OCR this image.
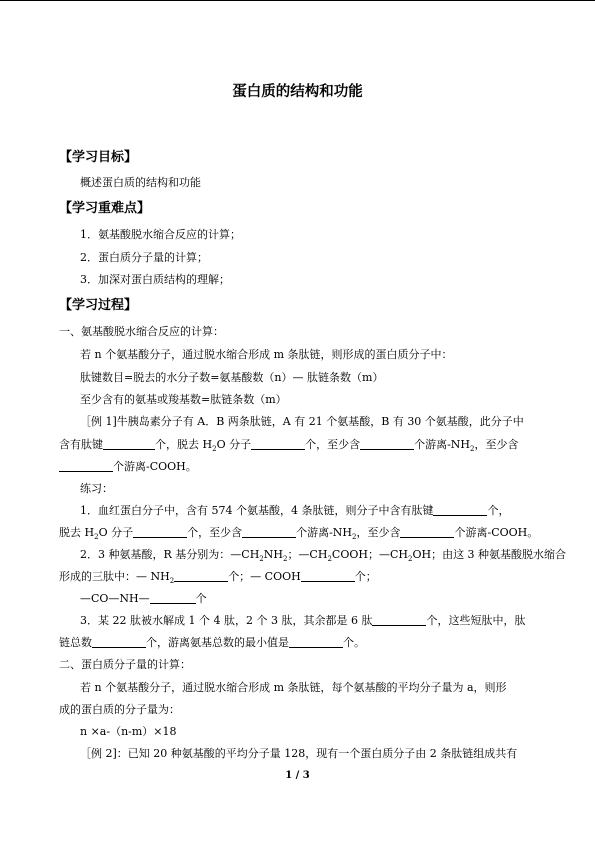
蛋白质的结构和功能
【学习目标】
概述蛋白质的结构和功能
【学习重难点】
1．氨基酸脱水缩合反应的计算；
2．蛋白质分子量的计算；
3．加深对蛋白质结构的理解；
【学习过程】
一、氨基酸脱水缩合反应的计算：
若 n 个氨基酸分子，通过脱水缩合形成 m 条肽链，则形成的蛋白质分子中：
肽键数目=脱去的水分子数=氨基酸数（n）— 肽链条数（m）
至少含有的氨基或羧基数=肽链条数（m）
［例 1]牛胰岛素分子有 A．B 两条肽链，A 有 21 个氨基酸，B 有 30 个氨基酸，此分子中
含有肽键	个，脱去 $H_2O$ 分子	个，至少含	个游离$-NH_2$，至少含
个游离-COOH。
练习：
1．血红蛋白分子中，含有 574 个氨基酸，4 条肽链，则分子中含有肽键	个，
脱去 $H_2O$ 分子	个，至少含	个游离$-NH_2$，至少含	个游离-COOH。
2．3 种氨基酸，R 基分别为：$—CH_2NH_2$；$—CH_2COOH$；$—CH_2OH$；由这 3 种氨基酸脱水缩合
形成的三肽中：— $NH_2$	个；— COOH	个；
—CO—NH—	个
3．某 22 肽被水解成 1 个 4 肽，2 个 3 肽，其余都是 6 肽	个，这些短肽中，肽
链总数	个，游离氨基总数的最小值是	个。
二、蛋白质分子量的计算：
若 n 个氨基酸分子，通过脱水缩合形成 m 条肽链，每个氨基酸的平均分子量为 a，则形
成的蛋白质的分子量为：
n ×a-（n-m）×18
［例 2]：已知 20 种氨基酸的平均分子量 128，现有一个蛋白质分子由 2 条肽链组成共有
1 / 3
